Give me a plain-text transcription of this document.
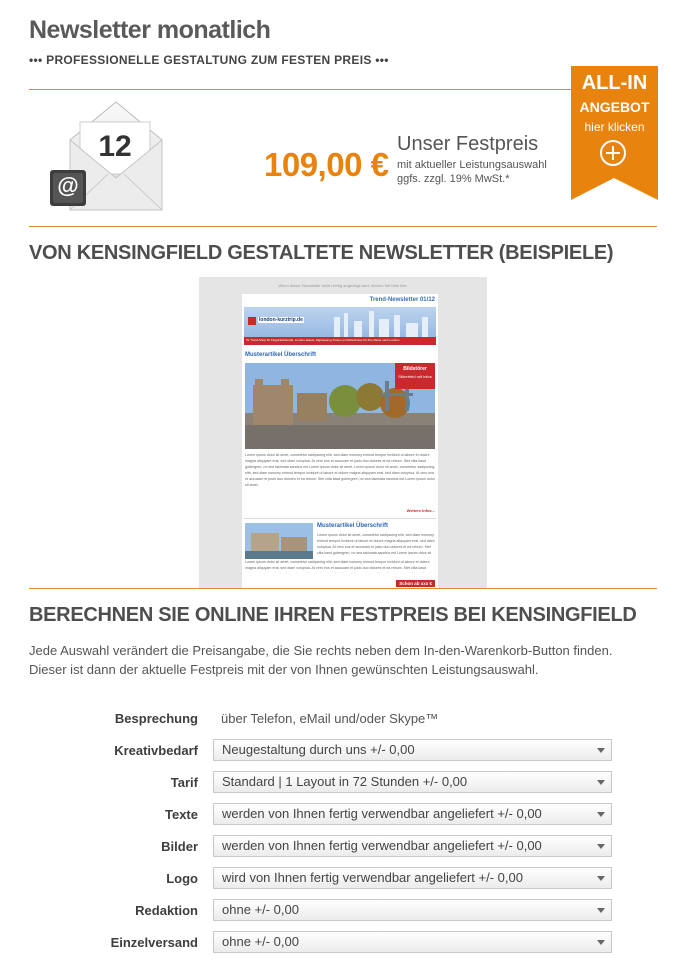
Newsletter monatlich
••• PROFESSIONELLE GESTALTUNG ZUM FESTEN PREIS •••
12
@
109,00 €
Unser Festpreis
mit aktueller Leistungsauswahl
ggfs. zzgl. 19% MwSt.*
ALL-IN
ANGEBOT
hier klicken
VON KENSINGFIELD GESTALTETE NEWSLETTER (BEISPIELE)
Wenn dieser Newsletter nicht richtig angezeigt wird, klicken Sie bitte hier.
Trend-Newsletter 01/12
london-kurztrip.de
Ihr Trend-Shop für Flugtickethandel, London-Hotels, Sightseeing-Touren und Erlebnisse für Ihre Reise nach London
Musterartikel Überschrift
Bildstörer
Störerfeld mit Infos
Lorem ipsum dolor sit amet, consetetur sadipscing elitr, sed diam nonumy eirmod tempor invidunt ut labore et dolore magna aliquyam erat, sed diam voluptua. At vero eos et accusam et justo duo dolores et ea rebum. Stet clita kasd gubergren, no sea takimata sanctus est Lorem ipsum dolor sit amet. Lorem ipsum dolor sit amet, consetetur sadipscing elitr, sed diam nonumy eirmod tempor invidunt ut labore et dolore magna aliquyam erat, sed diam voluptua. At vero eos et accusam et justo duo dolores et ea rebum. Stet clita kasd gubergren, no sea takimata sanctus est Lorem ipsum dolor sit amet.
Weitere Infos...
Musterartikel Überschrift
Lorem ipsum dolor sit amet, consetetur sadipscing elitr, sed diam nonumy eirmod tempor invidunt ut labore et dolore magna aliquyam erat, sed diam voluptua. At vero eos et accusam et justo duo dolores et ea rebum. Stet clita kasd gubergren, no sea takimata sanctus est Lorem ipsum dolor sit
Lorem ipsum dolor sit amet, consetetur sadipscing elitr, sed diam nonumy eirmod tempor invidunt ut labore et dolore magna aliquyam erat, sed diam voluptua. At vero eos et accusam et justo duo dolores et ea rebum. Stet clita kasd
Schon ab xxx €
BERECHNEN SIE ONLINE IHREN FESTPREIS BEI KENSINGFIELD
Jede Auswahl verändert die Preisangabe, die Sie rechts neben dem In-den-Warenkorb-Button finden.
Dieser ist dann der aktuelle Festpreis mit der von Ihnen gewünschten Leistungsauswahl.
Besprechung über Telefon, eMail und/oder Skype™
Kreativbedarf	Neugestaltung durch uns +/- 0,00
Tarif	Standard | 1 Layout in 72 Stunden +/- 0,00
Texte	werden von Ihnen fertig verwendbar angeliefert +/- 0,00
Bilder	werden von Ihnen fertig verwendbar angeliefert +/- 0,00
Logo	wird von Ihnen fertig verwendbar angeliefert +/- 0,00
Redaktion	ohne +/- 0,00
Einzelversand	ohne +/- 0,00
